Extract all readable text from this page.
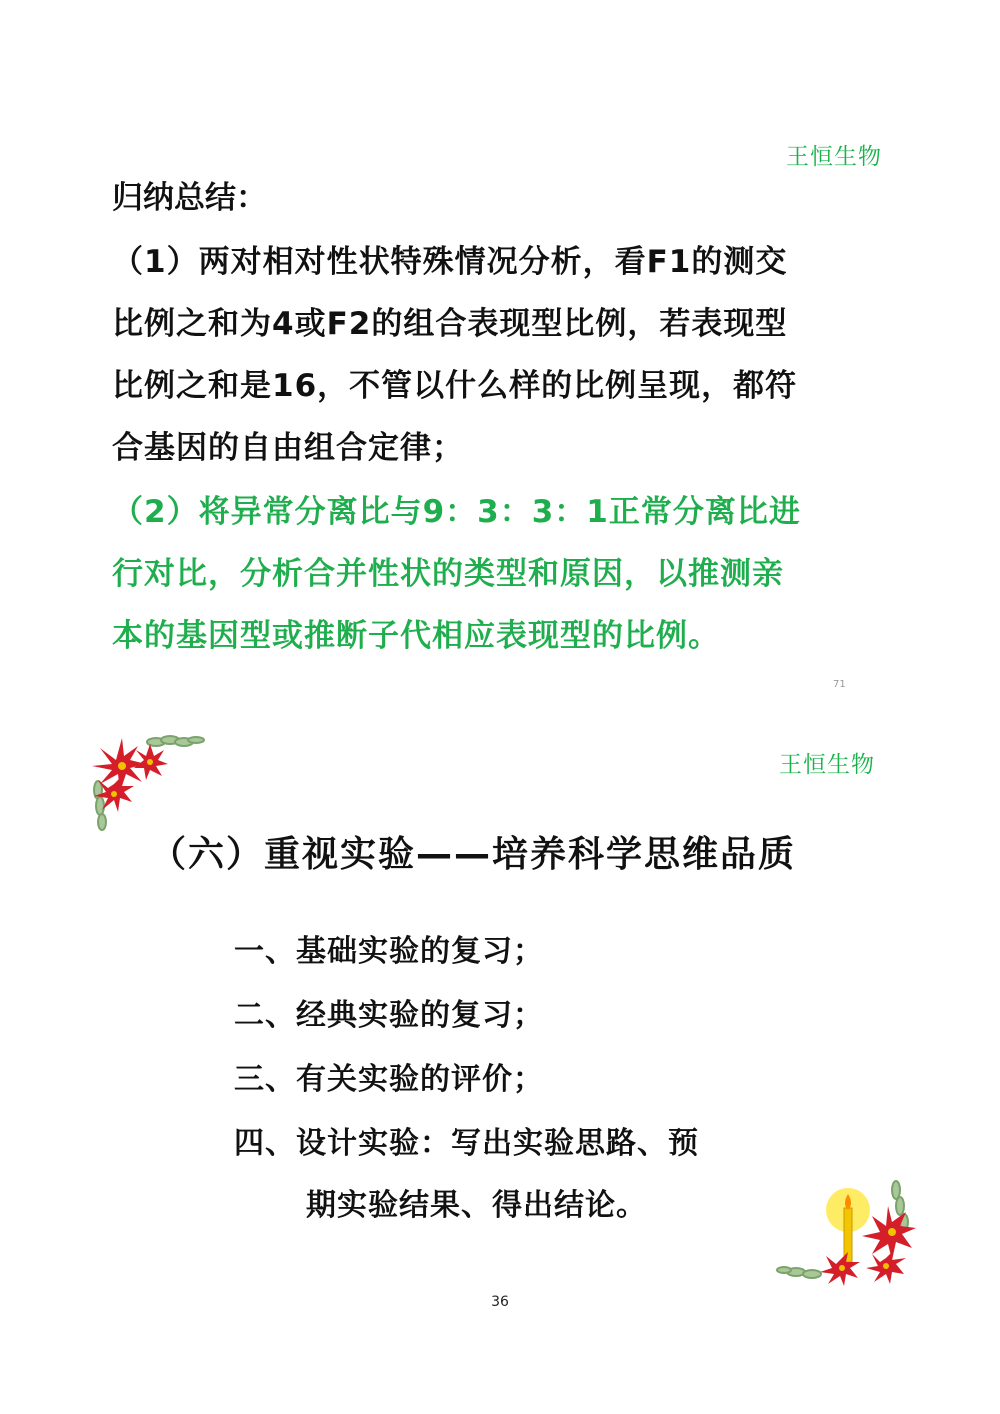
王恒生物
归纳总结：
（1）两对相对性状特殊情况分析，看F1的测交
比例之和为4或F2的组合表现型比例，若表现型
比例之和是16，不管以什么样的比例呈现，都符
合基因的自由组合定律；
（2）将异常分离比与9：3：3：1正常分离比进
行对比，分析合并性状的类型和原因，以推测亲
本的基因型或推断子代相应表现型的比例。
71
王恒生物
（六）重视实验——培养科学思维品质
一、基础实验的复习；
二、经典实验的复习；
三、有关实验的评价；
四、设计实验：写出实验思路、预
期实验结果、得出结论。
36
